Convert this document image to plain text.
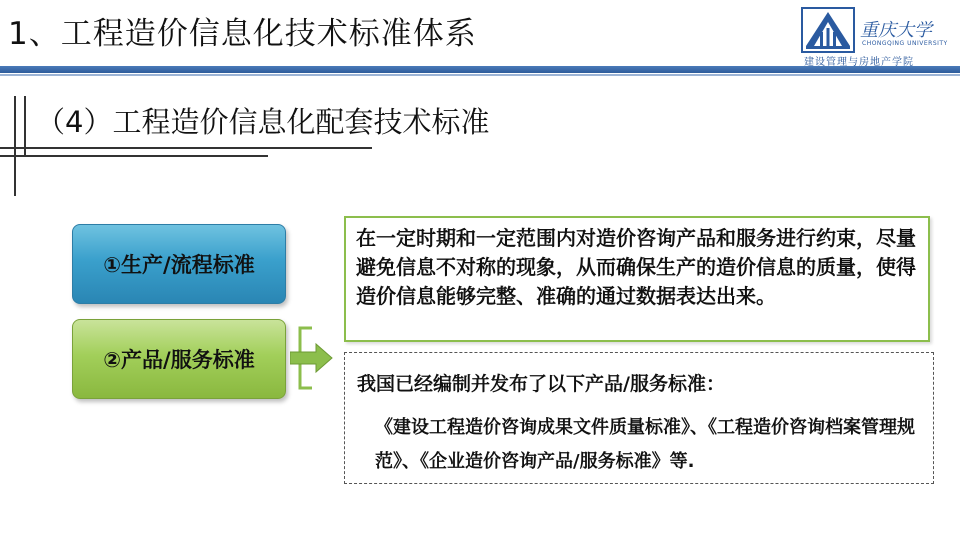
1、工程造价信息化技术标准体系	重庆大学
CHONGQING UNIVERSITY
建设管理与房地产学院
（4）工程造价信息化配套技术标准
①生产/流程标准
②产品/服务标准
在一定时期和一定范围内对造价咨询产品和服务进行约束，尽量避免信息不对称的现象，从而确保生产的造价信息的质量，使得造价信息能够完整、准确的通过数据表达出来。
我国已经编制并发布了以下产品/服务标准：
《建设工程造价咨询成果文件质量标准》、《工程造价咨询档案管理规范》、《企业造价咨询产品/服务标准》等.
